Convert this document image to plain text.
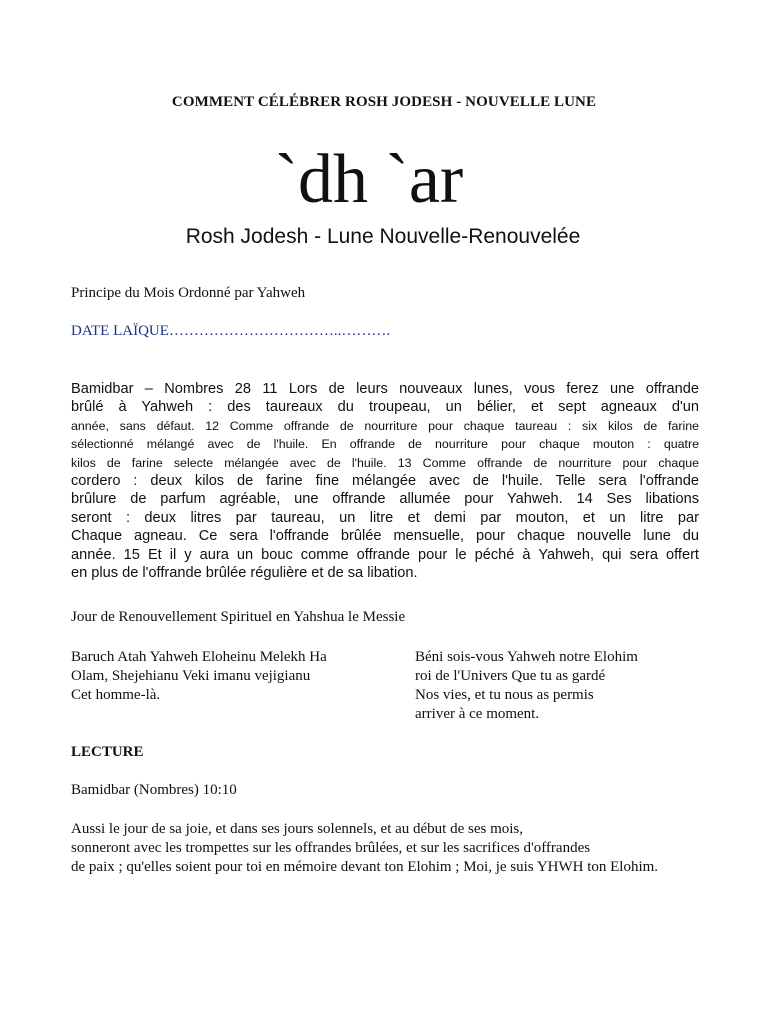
COMMENT CÉLÉBRER ROSH JODESH - NOUVELLE LUNE
`dh `ar
Rosh Jodesh - Lune Nouvelle-Renouvelée
Principe du Mois Ordonné par Yahweh
DATE LAÏQUE……………………………..……….
Bamidbar – Nombres 28 11 Lors de leurs nouveaux lunes, vous ferez une offrande
brûlé à Yahweh : des taureaux du troupeau, un bélier, et sept agneaux d'un
année, sans défaut. 12 Comme offrande de nourriture pour chaque taureau : six kilos de farine
sélectionné mélangé avec de l'huile. En offrande de nourriture pour chaque mouton : quatre
kilos de farine selecte mélangée avec de l'huile. 13 Comme offrande de nourriture pour chaque
cordero : deux kilos de farine fine mélangée avec de l'huile. Telle sera l'offrande
brûlure de parfum agréable, une offrande allumée pour Yahweh. 14 Ses libations
seront : deux litres par taureau, un litre et demi par mouton, et un litre par
Chaque agneau. Ce sera l'offrande brûlée mensuelle, pour chaque nouvelle lune du
année. 15 Et il y aura un bouc comme offrande pour le péché à Yahweh, qui sera offert
en plus de l'offrande brûlée régulière et de sa libation.
Jour de Renouvellement Spirituel en Yahshua le Messie
Baruch Atah Yahweh Eloheinu Melekh Ha
Olam, Shejehianu Veki imanu vejigianu
Cet homme-là.
Béni sois-vous Yahweh notre Elohim
roi de l'Univers Que tu as gardé
Nos vies, et tu nous as permis
arriver à ce moment.
LECTURE
Bamidbar (Nombres) 10:10
Aussi le jour de sa joie, et dans ses jours solennels, et au début de ses mois,
sonneront avec les trompettes sur les offrandes brûlées, et sur les sacrifices d'offrandes
de paix ; qu'elles soient pour toi en mémoire devant ton Elohim ; Moi, je suis YHWH ton Elohim.
